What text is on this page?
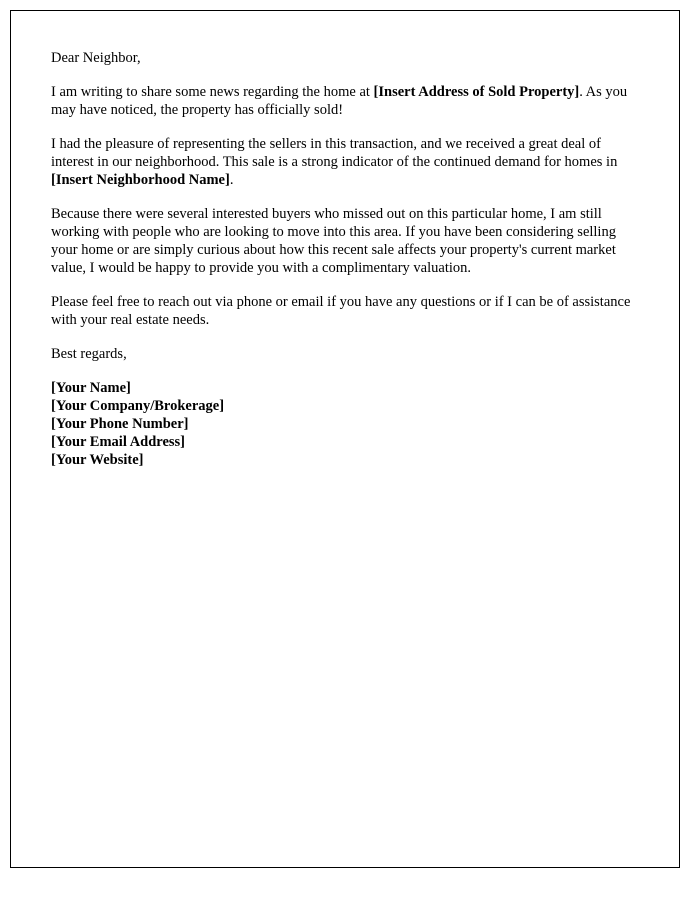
Dear Neighbor,

I am writing to share some news regarding the home at [Insert Address of Sold Property]. As you may have noticed, the property has officially sold!

I had the pleasure of representing the sellers in this transaction, and we received a great deal of interest in our neighborhood. This sale is a strong indicator of the continued demand for homes in [Insert Neighborhood Name].

Because there were several interested buyers who missed out on this particular home, I am still working with people who are looking to move into this area. If you have been considering selling your home or are simply curious about how this recent sale affects your property's current market value, I would be happy to provide you with a complimentary valuation.

Please feel free to reach out via phone or email if you have any questions or if I can be of assistance with your real estate needs.

Best regards,

[Your Name]
[Your Company/Brokerage]
[Your Phone Number]
[Your Email Address]
[Your Website]
